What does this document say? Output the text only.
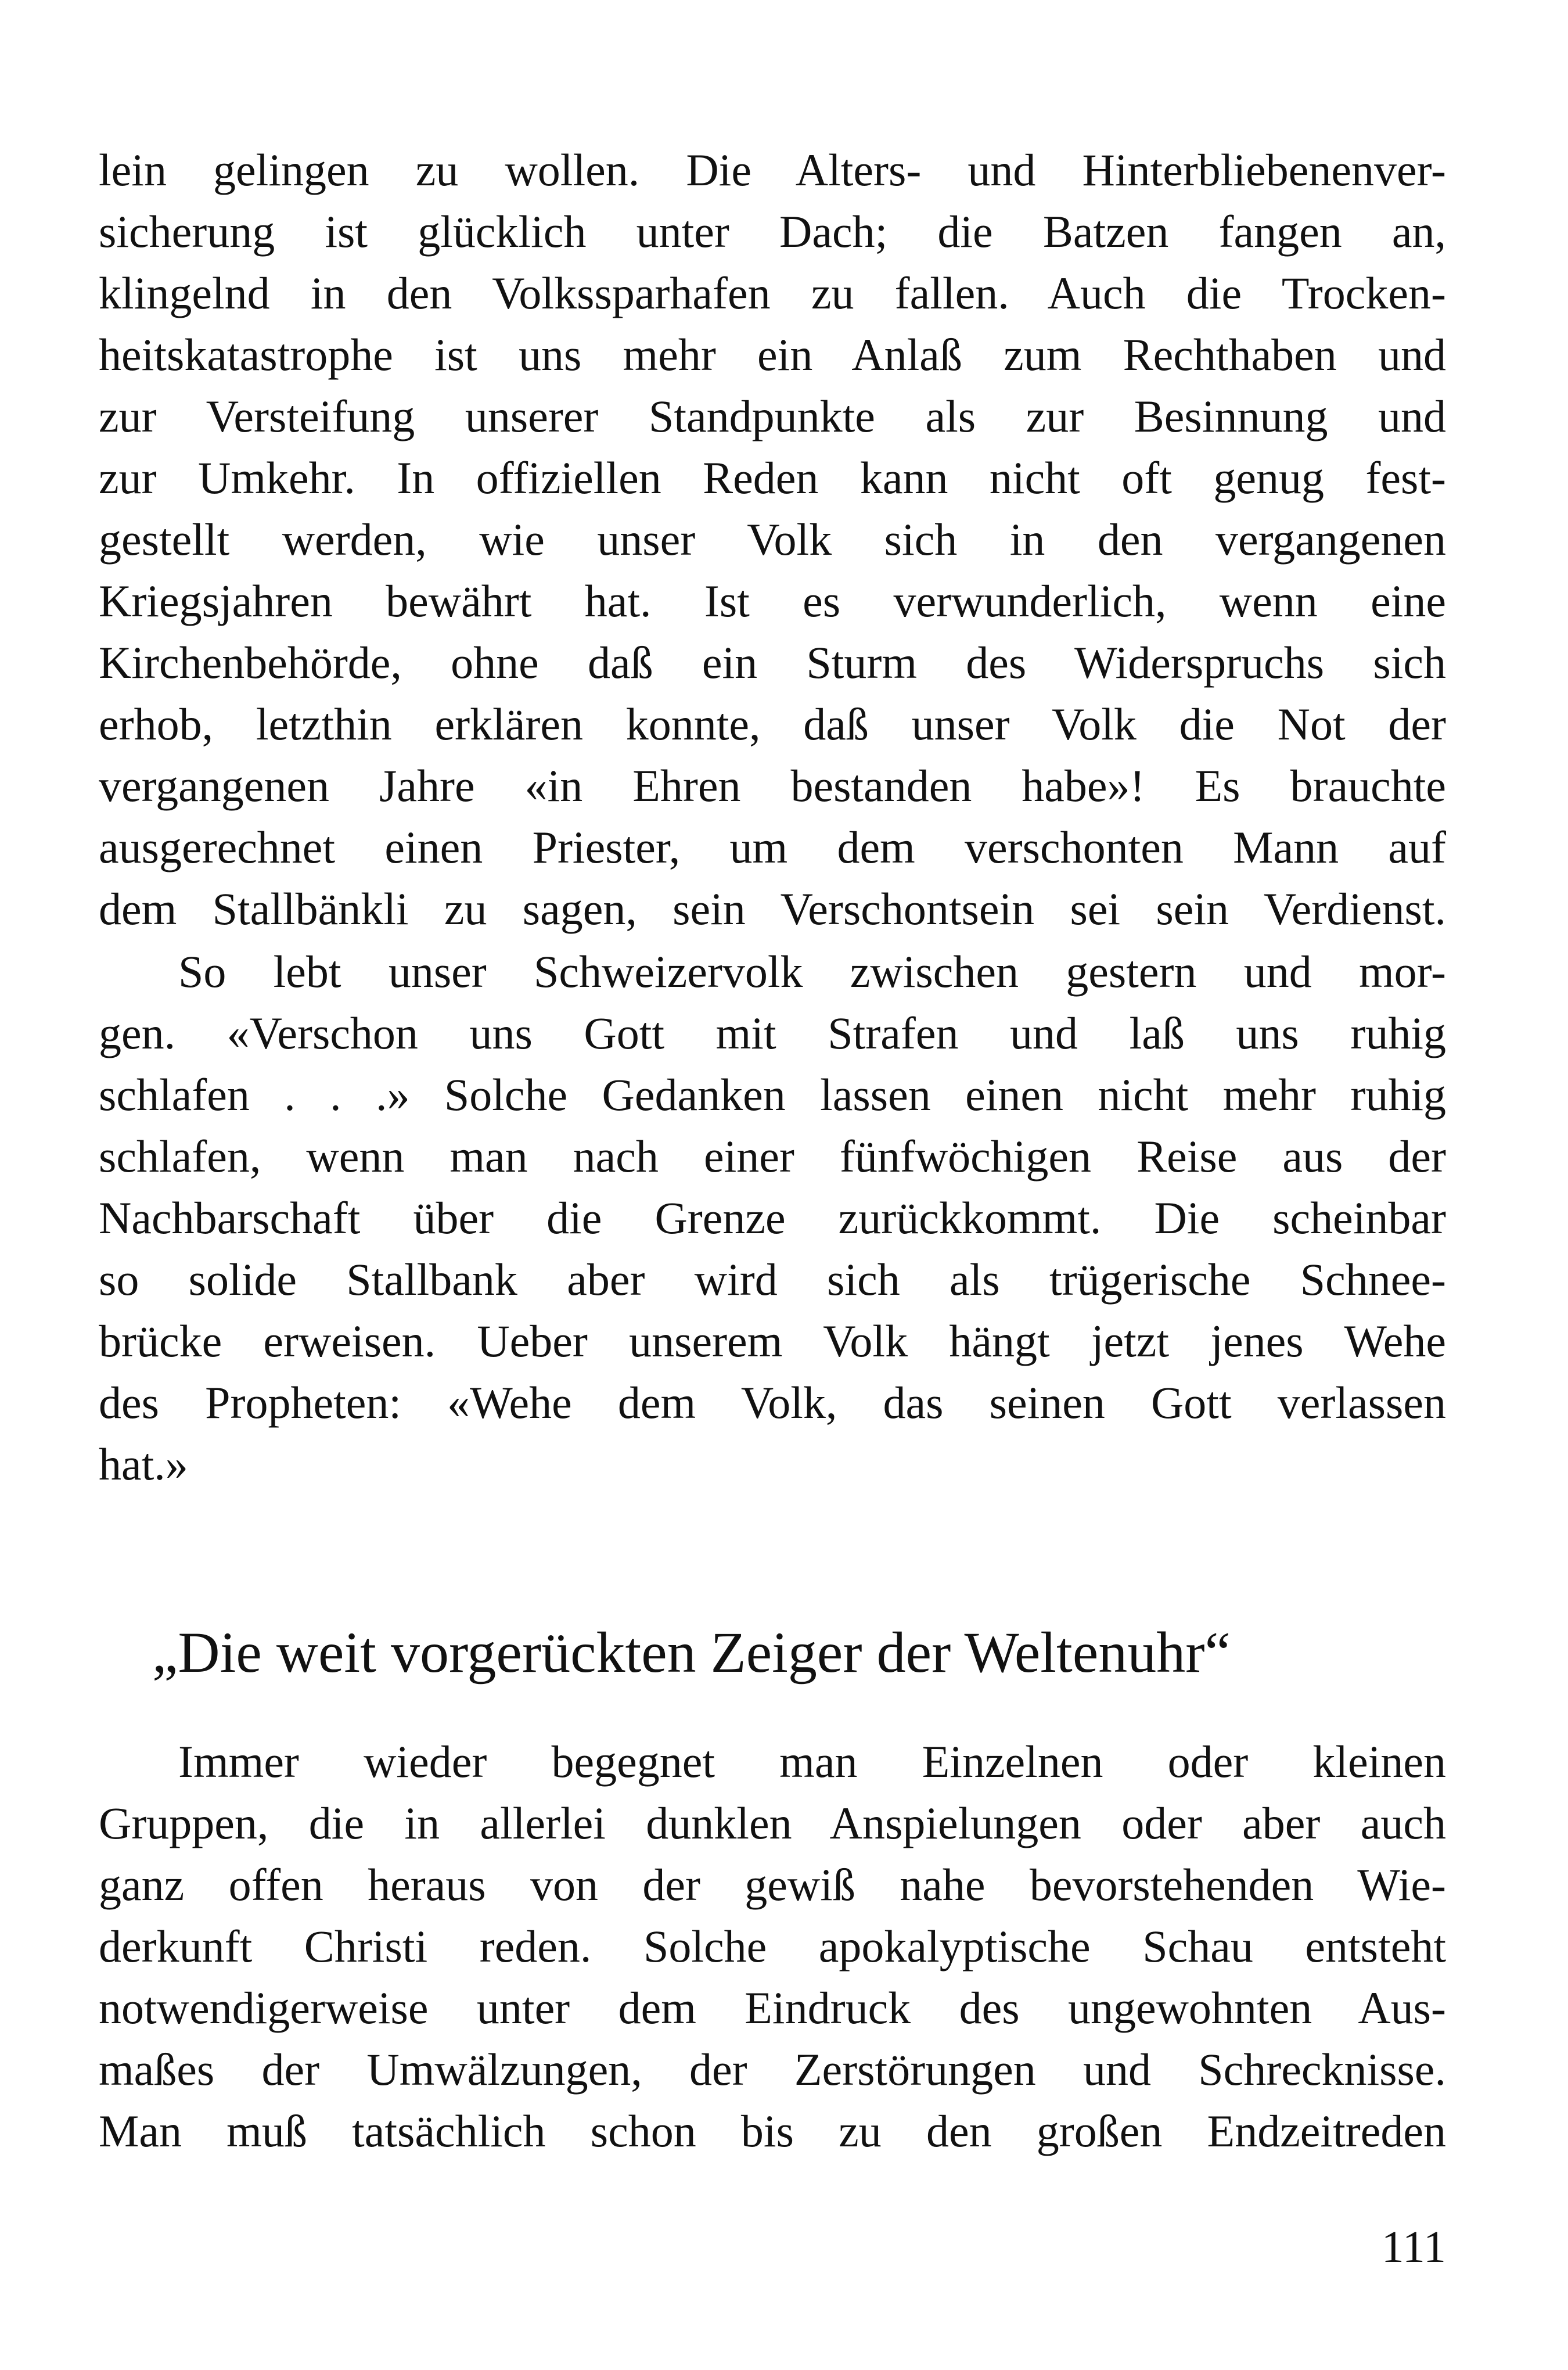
lein gelingen zu wollen. Die Alters- und Hinterbliebenenver-
sicherung ist glücklich unter Dach; die Batzen fangen an,
klingelnd in den Volkssparhafen zu fallen. Auch die Trocken-
heitskatastrophe ist uns mehr ein Anlaß zum Rechthaben und
zur Versteifung unserer Standpunkte als zur Besinnung und
zur Umkehr. In offiziellen Reden kann nicht oft genug fest-
gestellt werden, wie unser Volk sich in den vergangenen
Kriegsjahren bewährt hat. Ist es verwunderlich, wenn eine
Kirchenbehörde, ohne daß ein Sturm des Widerspruchs sich
erhob, letzthin erklären konnte, daß unser Volk die Not der
vergangenen Jahre «in Ehren bestanden habe»! Es brauchte
ausgerechnet einen Priester, um dem verschonten Mann auf
dem Stallbänkli zu sagen, sein Verschontsein sei sein Verdienst.
So lebt unser Schweizervolk zwischen gestern und mor-
gen. «Verschon uns Gott mit Strafen und laß uns ruhig
schlafen . . .» Solche Gedanken lassen einen nicht mehr ruhig
schlafen, wenn man nach einer fünfwöchigen Reise aus der
Nachbarschaft über die Grenze zurückkommt. Die scheinbar
so solide Stallbank aber wird sich als trügerische Schnee-
brücke erweisen. Ueber unserem Volk hängt jetzt jenes Wehe
des Propheten: «Wehe dem Volk, das seinen Gott verlassen
hat.»
„Die weit vorgerückten Zeiger der Weltenuhr“
Immer wieder begegnet man Einzelnen oder kleinen
Gruppen, die in allerlei dunklen Anspielungen oder aber auch
ganz offen heraus von der gewiß nahe bevorstehenden Wie-
derkunft Christi reden. Solche apokalyptische Schau entsteht
notwendigerweise unter dem Eindruck des ungewohnten Aus-
maßes der Umwälzungen, der Zerstörungen und Schrecknisse.
Man muß tatsächlich schon bis zu den großen Endzeitreden
111
